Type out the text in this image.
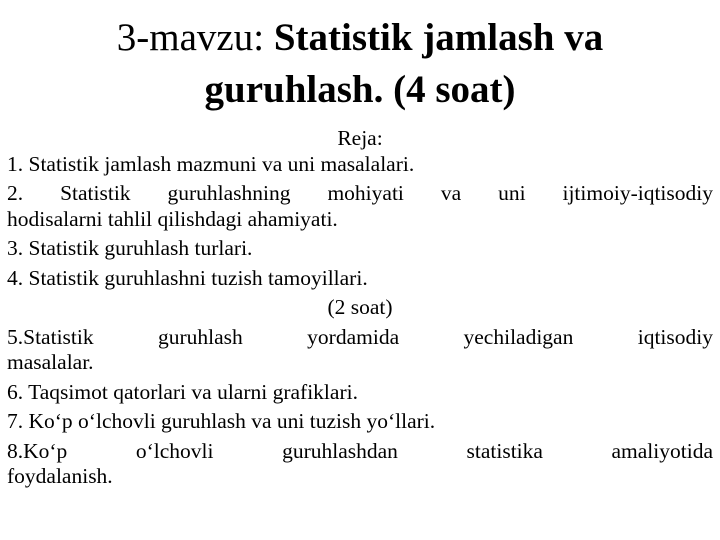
3-mavzu: Statistik jamlash va
guruhlash. (4 soat)
Reja:
1. Statistik jamlash mazmuni va uni masalalari.
2. Statistik guruhlashning mohiyati va uni ijtimoiy-iqtisodiy
hodisalarni tahlil qilishdagi ahamiyati.
3. Statistik guruhlash turlari.
4. Statistik guruhlashni tuzish tamoyillari.
(2 soat)
5.Statistik guruhlash yordamida yechiladigan iqtisodiy
masalalar.
6. Taqsimot qatorlari va ularni grafiklari.
7. Ko‘p o‘lchovli guruhlash va uni tuzish yo‘llari.
8.Ko‘p o‘lchovli guruhlashdan statistika amaliyotida
foydalanish.
